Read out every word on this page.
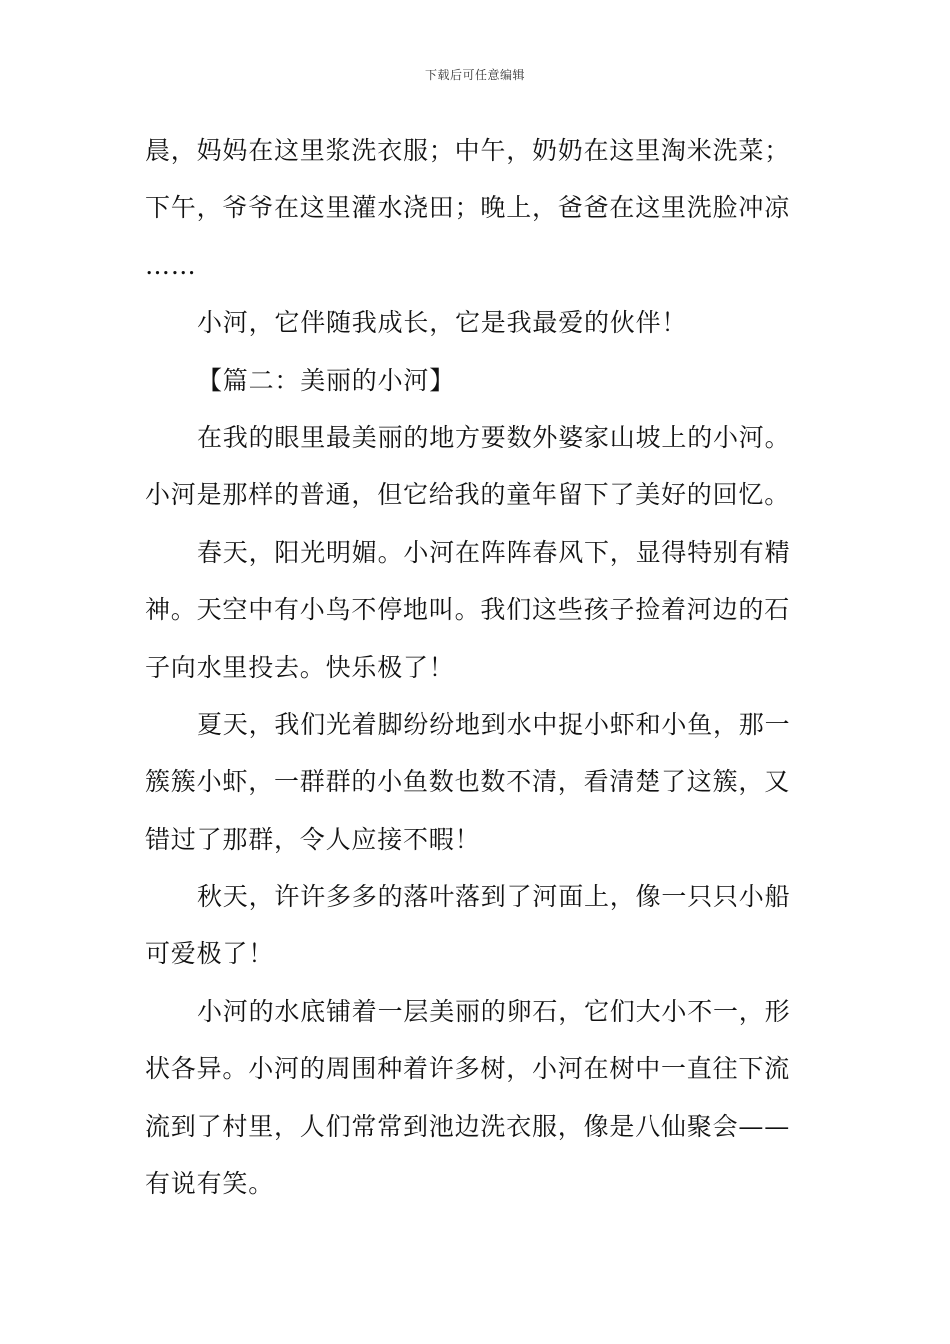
下载后可任意编辑
晨，妈妈在这里浆洗衣服；中午，奶奶在这里淘米洗菜；
下午，爷爷在这里灌水浇田；晚上，爸爸在这里洗脸冲凉
……
小河，它伴随我成长，它是我最爱的伙伴！
【篇二：美丽的小河】
在我的眼里最美丽的地方要数外婆家山坡上的小河。
小河是那样的普通，但它给我的童年留下了美好的回忆。
春天，阳光明媚。小河在阵阵春风下，显得特别有精
神。天空中有小鸟不停地叫。我们这些孩子捡着河边的石
子向水里投去。快乐极了！
夏天，我们光着脚纷纷地到水中捉小虾和小鱼，那一
簇簇小虾，一群群的小鱼数也数不清，看清楚了这簇，又
错过了那群，令人应接不暇！
秋天，许许多多的落叶落到了河面上，像一只只小船
可爱极了！
小河的水底铺着一层美丽的卵石，它们大小不一，形
状各异。小河的周围种着许多树，小河在树中一直往下流
流到了村里，人们常常到池边洗衣服，像是八仙聚会——
有说有笑。
